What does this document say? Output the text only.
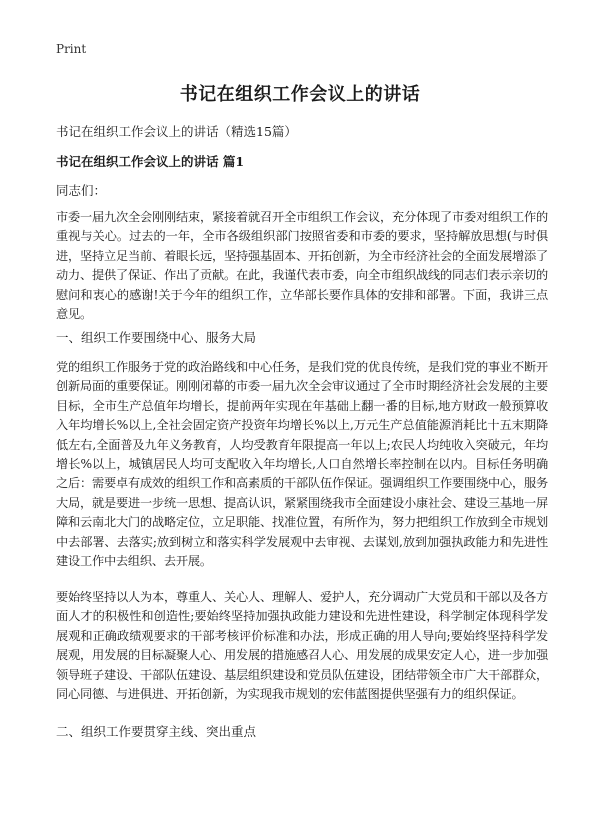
Print
书记在组织工作会议上的讲话
书记在组织工作会议上的讲话（精选15篇）
书记在组织工作会议上的讲话 篇1
同志们：
市委一届九次全会刚刚结束，紧接着就召开全市组织工作会议，充分体现了市委对组织工作的重视与关心。过去的一年，全市各级组织部门按照省委和市委的要求，坚持解放思想(与时俱进，坚持立足当前、着眼长远，坚持强基固本、开拓创新，为全市经济社会的全面发展增添了动力、提供了保证、作出了贡献。在此，我谨代表市委，向全市组织战线的同志们表示亲切的慰问和衷心的感谢!关于今年的组织工作，立华部长要作具体的安排和部署。下面，我讲三点意见。
一、组织工作要围绕中心、服务大局
党的组织工作服务于党的政治路线和中心任务，是我们党的优良传统，是我们党的事业不断开创新局面的重要保证。刚刚闭幕的市委一届九次全会审议通过了全市时期经济社会发展的主要目标，全市生产总值年均增长，提前两年实现在年基础上翻一番的目标,地方财政一般预算收入年均增长%以上,全社会固定资产投资年均增长%以上,万元生产总值能源消耗比十五末期降低左右,全面普及九年义务教育，人均受教育年限提高一年以上;农民人均纯收入突破元，年均增长%以上，城镇居民人均可支配收入年均增长,人口自然增长率控制在以内。目标任务明确之后：需要卓有成效的组织工作和高素质的干部队伍作保证。强调组织工作要围绕中心，服务大局，就是要进一步统一思想、提高认识，紧紧围绕我市全面建设小康社会、建设三基地一屏障和云南北大门的战略定位，立足职能、找准位置，有所作为，努力把组织工作放到全市规划中去部署、去落实;放到树立和落实科学发展观中去审视、去谋划,放到加强执政能力和先进性建设工作中去组织、去开展。
要始终坚持以人为本，尊重人、关心人、理解人、爱护人，充分调动广大党员和干部以及各方面人才的积极性和创造性;要始终坚持加强执政能力建设和先进性建设，科学制定体现科学发展观和正确政绩观要求的干部考核评价标准和办法，形成正确的用人导向;要始终坚持科学发展观，用发展的目标凝聚人心、用发展的措施感召人心、用发展的成果安定人心，进一步加强领导班子建设、干部队伍建设、基层组织建设和党员队伍建设，团结带领全市广大干部群众，同心同德、与进俱进、开拓创新，为实现我市规划的宏伟蓝图提供坚强有力的组织保证。
二、组织工作要贯穿主线、突出重点
